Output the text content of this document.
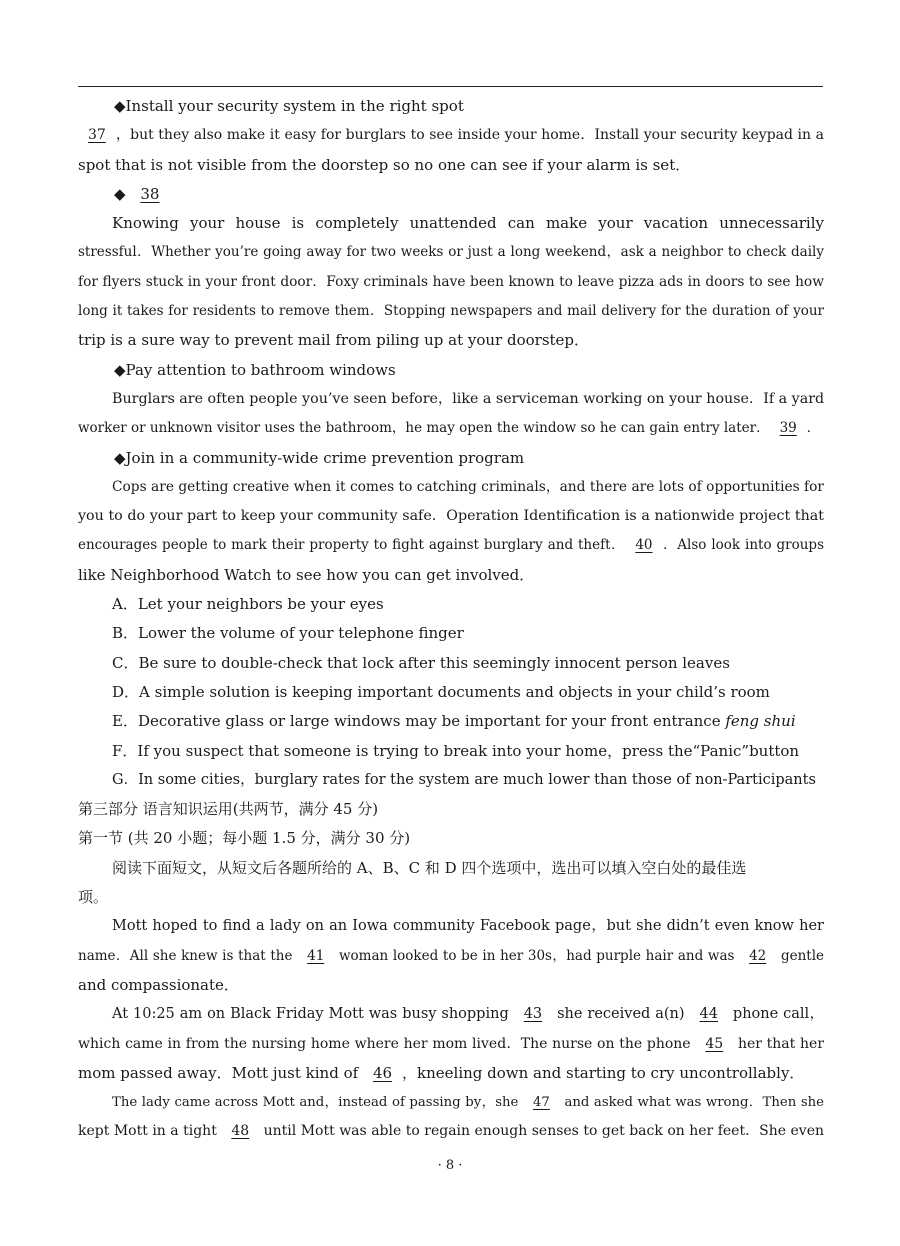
◆Install your security system in the right spot
37 ，but they also make it easy for burglars to see inside your home．Install your security keypad in a
spot that is not visible from the doorstep so no one can see if your alarm is set．
◆ 38
Knowing your house is completely unattended can make your vacation unnecessarily
stressful．Whether you’re going away for two weeks or just a long weekend，ask a neighbor to check daily
for flyers stuck in your front door．Foxy criminals have been known to leave pizza ads in doors to see how
long it takes for residents to remove them．Stopping newspapers and mail delivery for the duration of your
trip is a sure way to prevent mail from piling up at your doorstep．
◆Pay attention to bathroom windows
Burglars are often people you’ve seen before，like a serviceman working on your house．If a yard
worker or unknown visitor uses the bathroom，he may open the window so he can gain entry later． 39 ．
◆Join in a community-wide crime prevention program
Cops are getting creative when it comes to catching criminals，and there are lots of opportunities for
you to do your part to keep your community safe．Operation Identification is a nationwide project that
encourages people to mark their property to fight against burglary and theft． 40 ．Also look into groups
like Neighborhood Watch to see how you can get involved．
A．Let your neighbors be your eyes
B．Lower the volume of your telephone finger
C．Be sure to double-check that lock after this seemingly innocent person leaves
D．A simple solution is keeping important documents and objects in your child’s room
E．Decorative glass or large windows may be important for your front entrance feng shui
F．If you suspect that someone is trying to break into your home，press the“Panic”button
G．In some cities，burglary rates for the system are much lower than those of non-Participants
第三部分 语言知识运用(共两节，满分 45 分)
第一节 (共 20 小题；每小题 1.5 分，满分 30 分)
阅读下面短文，从短文后各题所给的 A、B、C 和 D 四个选项中，选出可以填入空白处的最佳选
项。
Mott hoped to find a lady on an Iowa community Facebook page，but she didn’t even know her
name．All she knew is that the 41 woman looked to be in her 30s，had purple hair and was 42 gentle
and compassionate．
At 10:25 am on Black Friday Mott was busy shopping 43 she received a(n) 44 phone call，
which came in from the nursing home where her mom lived．The nurse on the phone 45 her that her
mom passed away．Mott just kind of 46 ，kneeling down and starting to cry uncontrollably．
The lady came across Mott and，instead of passing by，she 47 and asked what was wrong．Then she
kept Mott in a tight 48 until Mott was able to regain enough senses to get back on her feet．She even
· 8 ·
